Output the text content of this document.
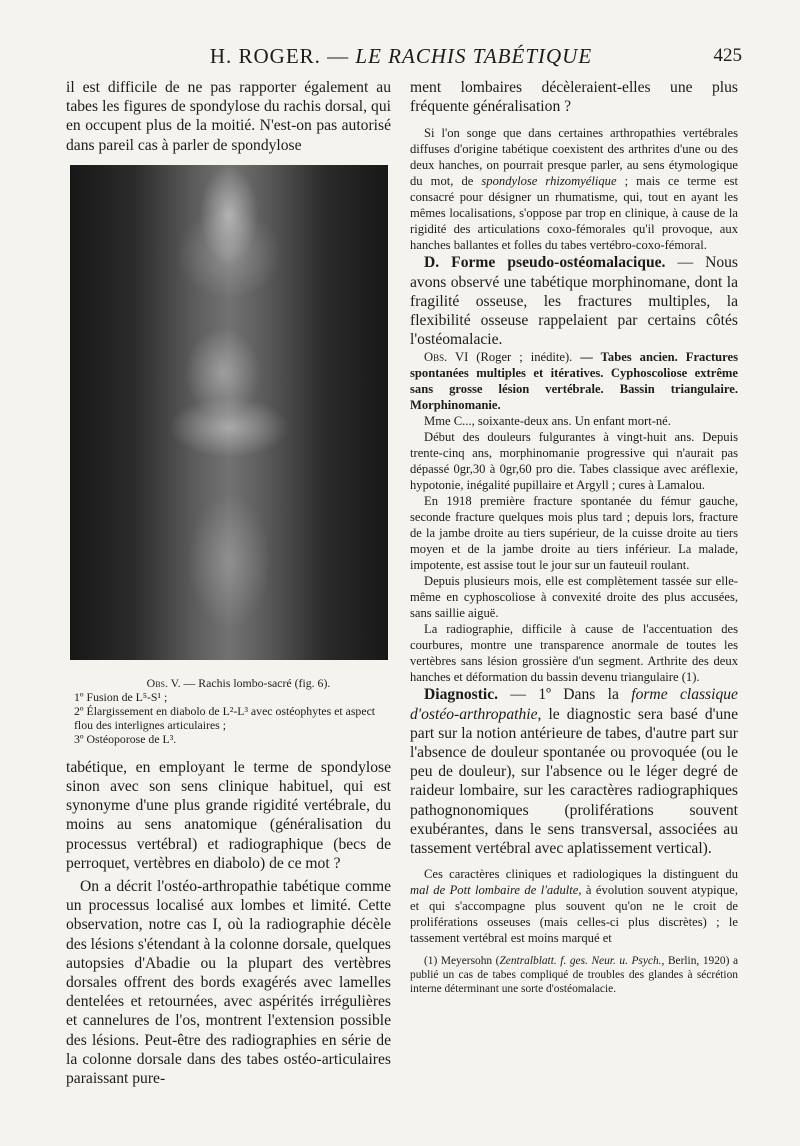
H. ROGER. — LE RACHIS TABÉTIQUE	425

il est difficile de ne pas rapporter également au tabes les figures de spondylose du rachis dorsal, qui en occupent plus de la moitié. N'est-on pas autorisé dans pareil cas à parler de spondylose

Obs. V. — Rachis lombo-sacré (fig. 6).
1º Fusion de L⁵-S¹ ;
2º Élargissement en diabolo de L²-L³ avec ostéophytes et aspect flou des interlignes articulaires ;
3º Ostéoporose de L³.

tabétique, en employant le terme de spondylose sinon avec son sens clinique habituel, qui est synonyme d'une plus grande rigidité vertébrale, du moins au sens anatomique (généralisation du processus vertébral) et radiographique (becs de perroquet, vertèbres en diabolo) de ce mot ?

On a décrit l'ostéo-arthropathie tabétique comme un processus localisé aux lombes et limité. Cette observation, notre cas I, où la radiographie décèle des lésions s'étendant à la colonne dorsale, quelques autopsies d'Abadie ou la plupart des vertèbres dorsales offrent des bords exagérés avec lamelles dentelées et retournées, avec aspérités irrégulières et cannelures de l'os, montrent l'extension possible des lésions. Peut-être des radiographies en série de la colonne dorsale dans des tabes ostéo-articulaires paraissant pure-

ment lombaires décèleraient-elles une plus fréquente généralisation ?

Si l'on songe que dans certaines arthropathies vertébrales diffuses d'origine tabétique coexistent des arthrites d'une ou des deux hanches, on pourrait presque parler, au sens étymologique du mot, de spondylose rhizomyélique ; mais ce terme est consacré pour désigner un rhumatisme, qui, tout en ayant les mêmes localisations, s'oppose par trop en clinique, à cause de la rigidité des articulations coxo-fémorales qu'il provoque, aux hanches ballantes et folles du tabes vertébro-coxo-fémoral.

D. Forme pseudo-ostéomalacique. — Nous avons observé une tabétique morphinomane, dont la fragilité osseuse, les fractures multiples, la flexibilité osseuse rappelaient par certains côtés l'ostéomalacie.

Obs. VI (Roger ; inédite). — Tabes ancien. Fractures spontanées multiples et itératives. Cyphoscoliose extrême sans grosse lésion vertébrale. Bassin triangulaire. Morphinomanie.

Mme C..., soixante-deux ans. Un enfant mort-né.

Début des douleurs fulgurantes à vingt-huit ans. Depuis trente-cinq ans, morphinomanie progressive qui n'aurait pas dépassé 0gr,30 à 0gr,60 pro die. Tabes classique avec aréflexie, hypotonie, inégalité pupillaire et Argyll ; cures à Lamalou.

En 1918 première fracture spontanée du fémur gauche, seconde fracture quelques mois plus tard ; depuis lors, fracture de la jambe droite au tiers supérieur, de la cuisse droite au tiers moyen et de la jambe droite au tiers inférieur. La malade, impotente, est assise tout le jour sur un fauteuil roulant.

Depuis plusieurs mois, elle est complètement tassée sur elle-même en cyphoscoliose à convexité droite des plus accusées, sans saillie aiguë.

La radiographie, difficile à cause de l'accentuation des courbures, montre une transparence anormale de toutes les vertèbres sans lésion grossière d'un segment. Arthrite des deux hanches et déformation du bassin devenu triangulaire (1).

Diagnostic. — 1º Dans la forme classique d'ostéo-arthropathie, le diagnostic sera basé d'une part sur la notion antérieure de tabes, d'autre part sur l'absence de douleur spontanée ou provoquée (ou le peu de douleur), sur l'absence ou le léger degré de raideur lombaire, sur les caractères radiographiques pathognonomiques (proliférations souvent exubérantes, dans le sens transversal, associées au tassement vertébral avec aplatissement vertical).

Ces caractères cliniques et radiologiques la distinguent du mal de Pott lombaire de l'adulte, à évolution souvent atypique, et qui s'accompagne plus souvent qu'on ne le croit de proliférations osseuses (mais celles-ci plus discrètes) ; le tassement vertébral est moins marqué et

(1) Meyersohn (Zentralblatt. f. ges. Neur. u. Psych., Berlin, 1920) a publié un cas de tabes compliqué de troubles des glandes à sécrétion interne déterminant une sorte d'ostéomalacie.
